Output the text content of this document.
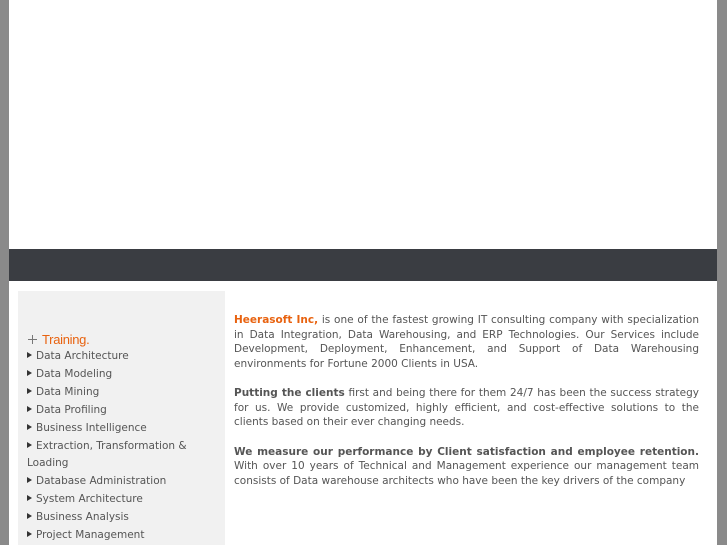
Training.
Data Architecture
Data Modeling
Data Mining
Data Profiling
Business Intelligence
Extraction, Transformation & Loading
Database Administration
System Architecture
Business Analysis
Project Management

Heerasoft Inc, is one of the fastest growing IT consulting company with specialization in Data Integration, Data Warehousing, and ERP Technologies. Our Services include Development, Deployment, Enhancement, and Support of Data Warehousing environments for Fortune 2000 Clients in USA.

Putting the clients first and being there for them 24/7 has been the success strategy for us. We provide customized, highly efficient, and cost-effective solutions to the clients based on their ever changing needs.

We measure our performance by Client satisfaction and employee retention. With over 10 years of Technical and Management experience our management team consists of Data warehouse architects who have been the key drivers of the company
